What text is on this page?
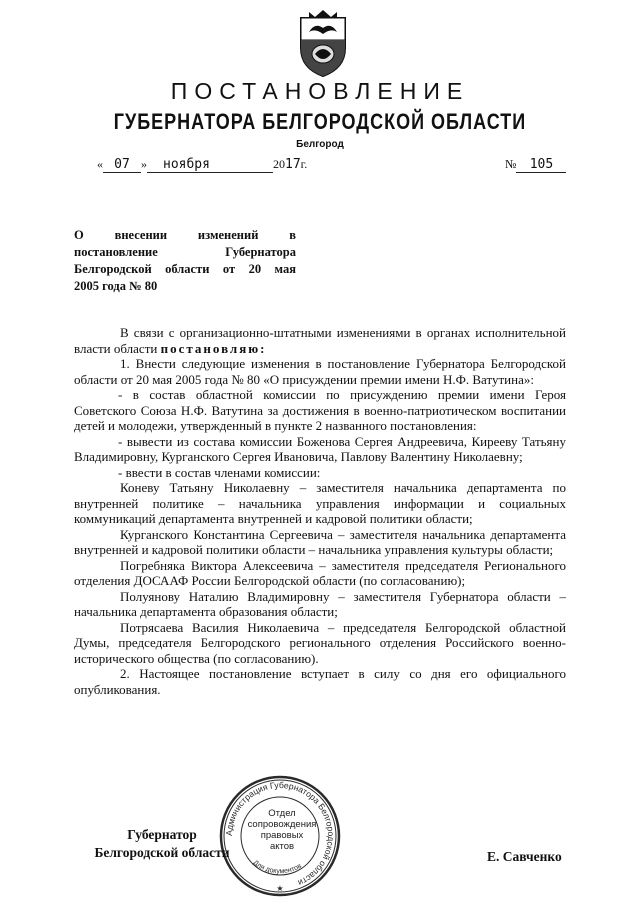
ПОСТАНОВЛЕНИЕ
ГУБЕРНАТОРА БЕЛГОРОДСКОЙ ОБЛАСТИ
Белгород
« 07 » ноября	2017г.	№ 105
О внесении изменений в
постановление Губернатора
Белгородской области от 20 мая
2005 года № 80

В связи с организационно-штатными изменениями в органах исполнительной власти области постановляю:

1. Внести следующие изменения в постановление Губернатора Белгородской области от 20 мая 2005 года № 80 «О присуждении премии имени Н.Ф. Ватутина»:

- в состав областной комиссии по присуждению премии имени Героя Советского Союза Н.Ф. Ватутина за достижения в военно-патриотическом воспитании детей и молодежи, утвержденный в пункте 2 названного постановления:

- вывести из состава комиссии Боженова Сергея Андреевича, Кирееву Татьяну Владимировну, Курганского Сергея Ивановича, Павлову Валентину Николаевну;

- ввести в состав членами комиссии:

Коневу Татьяну Николаевну – заместителя начальника департамента по внутренней политике – начальника управления информации и социальных коммуникаций департамента внутренней и кадровой политики области;

Курганского Константина Сергеевича – заместителя начальника департамента внутренней и кадровой политики области – начальника управления культуры области;

Погребняка Виктора Алексеевича – заместителя председателя Регионального отделения ДОСААФ России Белгородской области (по согласованию);

Полуянову Наталию Владимировну – заместителя Губернатора области – начальника департамента образования области;

Потрясаева Василия Николаевича – председателя Белгородской областной Думы, председателя Белгородского регионального отделения Российского военно-исторического общества (по согласованию).

2. Настоящее постановление вступает в силу со дня его официального опубликования.

Администрация Губернатора Белгородской области
Для документов
★
Отдел
сопровождения
правовых
актов
Губернатор
Белгородской области	Е. Савченко
